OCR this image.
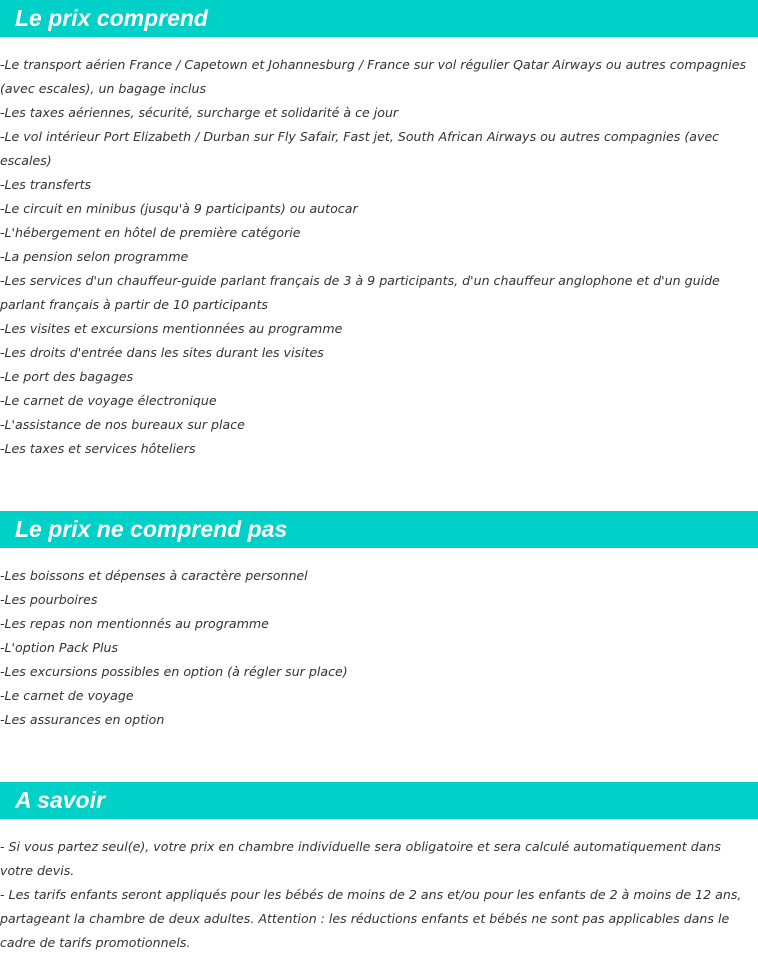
Le prix comprend
-Le transport aérien France / Capetown et Johannesburg / France sur vol régulier Qatar Airways ou autres compagnies (avec escales), un bagage inclus
-Les taxes aériennes, sécurité, surcharge et solidarité à ce jour
-Le vol intérieur Port Elizabeth / Durban sur Fly Safair, Fast jet, South African Airways ou autres compagnies (avec escales)
-Les transferts
-Le circuit en minibus (jusqu'à 9 participants) ou autocar
-L'hébergement en hôtel de première catégorie
-La pension selon programme
-Les services d'un chauffeur-guide parlant français de 3 à 9 participants, d'un chauffeur anglophone et d'un guide parlant français à partir de 10 participants
-Les visites et excursions mentionnées au programme
-Les droits d'entrée dans les sites durant les visites
-Le port des bagages
-Le carnet de voyage électronique
-L'assistance de nos bureaux sur place
-Les taxes et services hôteliers
Le prix ne comprend pas
-Les boissons et dépenses à caractère personnel
-Les pourboires
-Les repas non mentionnés au programme
-L'option Pack Plus
-Les excursions possibles en option (à régler sur place)
-Le carnet de voyage
-Les assurances en option
A savoir
- Si vous partez seul(e), votre prix en chambre individuelle sera obligatoire et sera calculé automatiquement dans votre devis.
- Les tarifs enfants seront appliqués pour les bébés de moins de 2 ans et/ou pour les enfants de 2 à moins de 12 ans, partageant la chambre de deux adultes. Attention : les réductions enfants et bébés ne sont pas applicables dans le cadre de tarifs promotionnels.
